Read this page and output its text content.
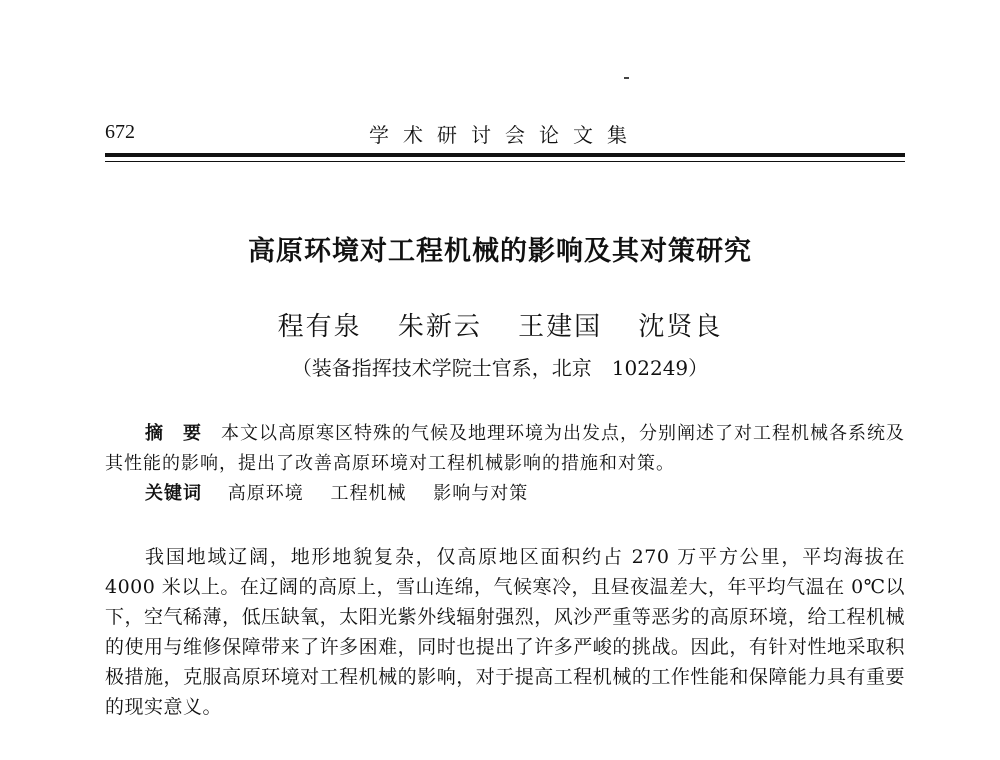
672	学术研讨会论文集
高原环境对工程机械的影响及其对策研究
程有泉 朱新云 王建国 沈贤良
（装备指挥技术学院士官系，北京　102249）

摘　要　 本文以高原寒区特殊的气候及地理环境为出发点，分别阐述了对工程机械各系统及其性能的影响，提出了改善高原环境对工程机械影响的措施和对策。

关键词　 高原环境 工程机械 影响与对策

我国地域辽阔，地形地貌复杂，仅高原地区面积约占 270 万平方公里，平均海拔在 4000 米以上。在辽阔的高原上，雪山连绵，气候寒冷，且昼夜温差大，年平均气温在 0℃以下，空气稀薄，低压缺氧，太阳光紫外线辐射强烈，风沙严重等恶劣的高原环境，给工程机械的使用与维修保障带来了许多困难，同时也提出了许多严峻的挑战。因此，有针对性地采取积极措施，克服高原环境对工程机械的影响，对于提高工程机械的工作性能和保障能力具有重要的现实意义。
